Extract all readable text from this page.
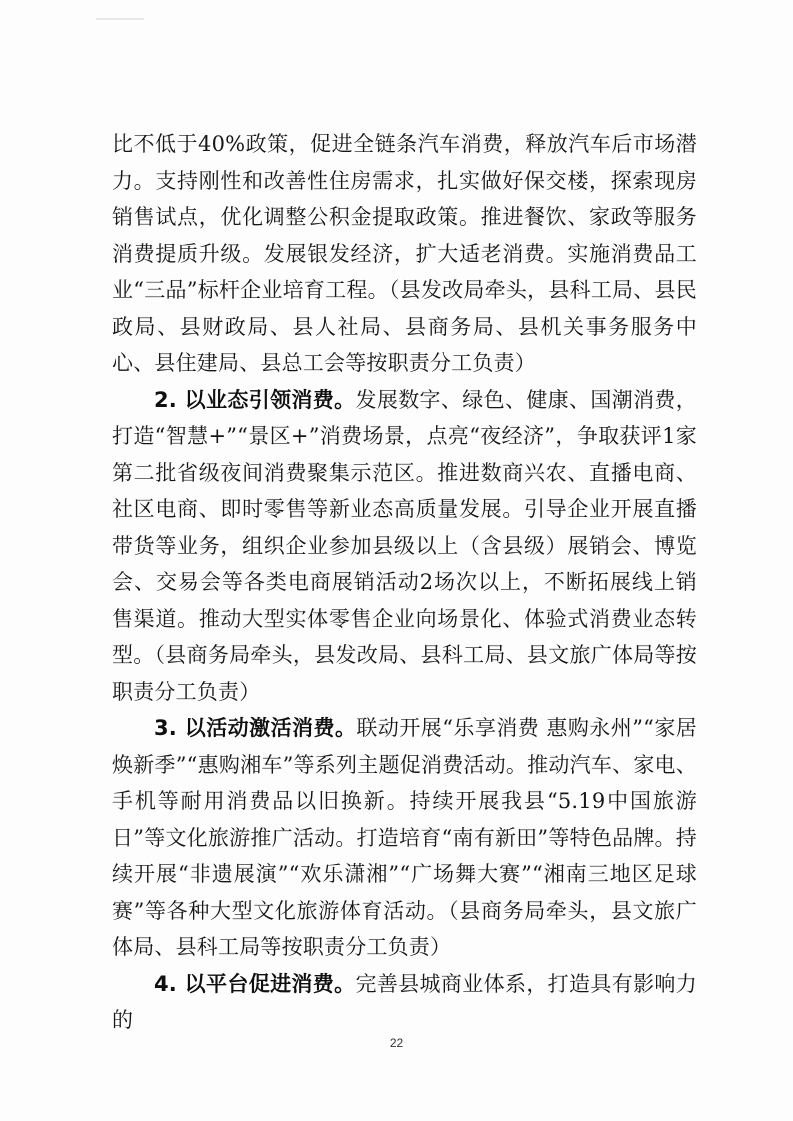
比不低于40%政策，促进全链条汽车消费，释放汽车后市场潜力。支持刚性和改善性住房需求，扎实做好保交楼，探索现房销售试点，优化调整公积金提取政策。推进餐饮、家政等服务消费提质升级。发展银发经济，扩大适老消费。实施消费品工业“三品”标杆企业培育工程。（县发改局牵头，县科工局、县民政局、县财政局、县人社局、县商务局、县机关事务服务中心、县住建局、县总工会等按职责分工负责）

2. 以业态引领消费。发展数字、绿色、健康、国潮消费，打造“智慧+”“景区+”消费场景，点亮“夜经济”，争取获评1家第二批省级夜间消费聚集示范区。推进数商兴农、直播电商、社区电商、即时零售等新业态高质量发展。引导企业开展直播带货等业务，组织企业参加县级以上（含县级）展销会、博览会、交易会等各类电商展销活动2场次以上，不断拓展线上销售渠道。推动大型实体零售企业向场景化、体验式消费业态转型。（县商务局牵头，县发改局、县科工局、县文旅广体局等按职责分工负责）

3. 以活动激活消费。联动开展“乐享消费 惠购永州”“家居焕新季”“惠购湘车”等系列主题促消费活动。推动汽车、家电、手机等耐用消费品以旧换新。持续开展我县“5.19中国旅游日”等文化旅游推广活动。打造培育“南有新田”等特色品牌。持续开展“非遗展演”“欢乐潇湘”“广场舞大赛”“湘南三地区足球赛”等各种大型文化旅游体育活动。（县商务局牵头，县文旅广体局、县科工局等按职责分工负责）

4. 以平台促进消费。完善县城商业体系，打造具有影响力的

22
